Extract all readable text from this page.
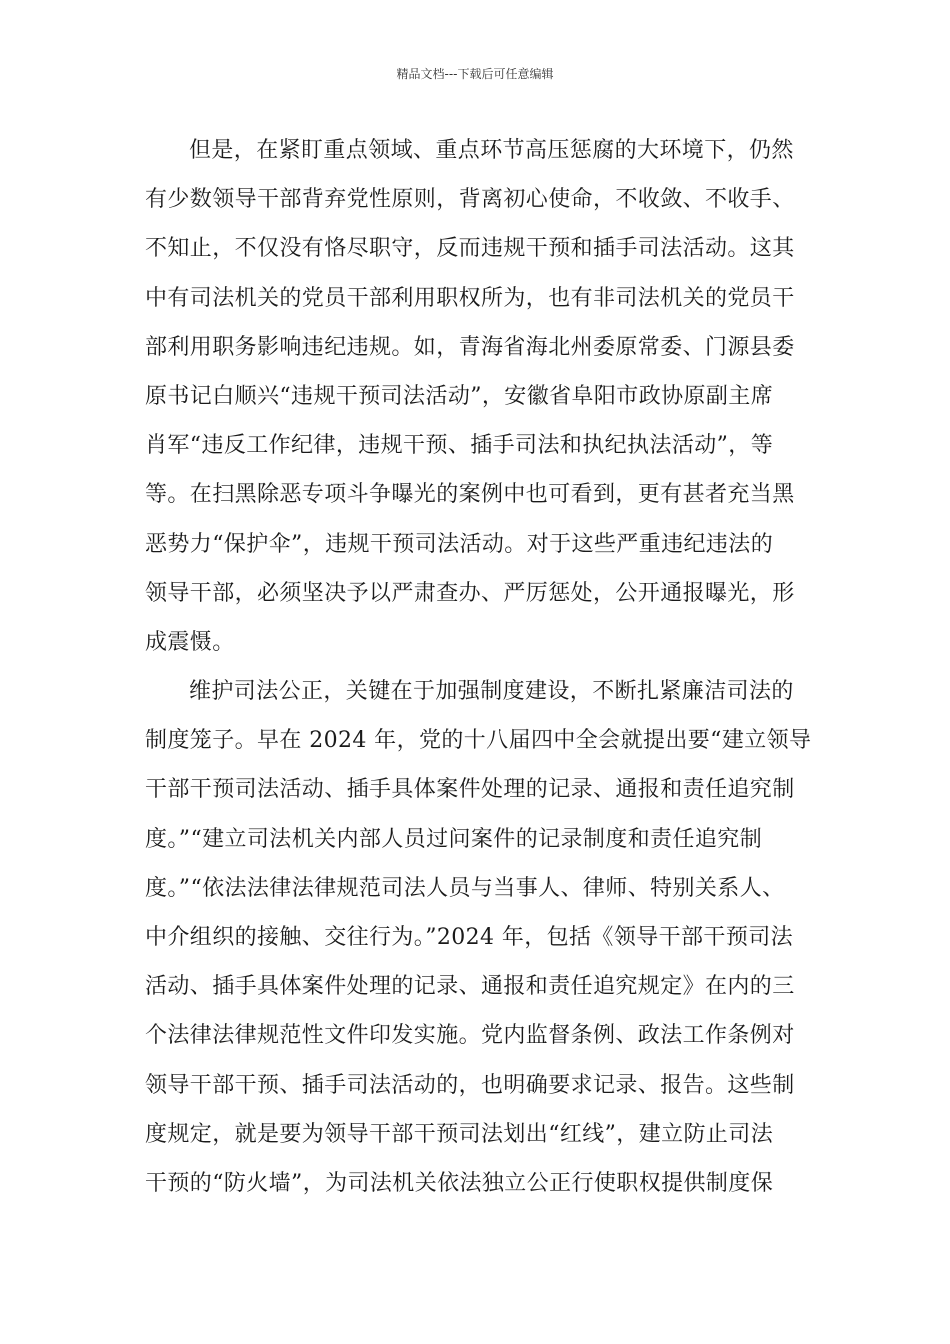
精品文档---下载后可任意编辑
但是，在紧盯重点领域、重点环节高压惩腐的大环境下，仍然
有少数领导干部背弃党性原则，背离初心使命，不收敛、不收手、
不知止，不仅没有恪尽职守，反而违规干预和插手司法活动。这其
中有司法机关的党员干部利用职权所为，也有非司法机关的党员干
部利用职务影响违纪违规。如，青海省海北州委原常委、门源县委
原书记白顺兴“违规干预司法活动”，安徽省阜阳市政协原副主席
肖军“违反工作纪律，违规干预、插手司法和执纪执法活动”，等
等。在扫黑除恶专项斗争曝光的案例中也可看到，更有甚者充当黑
恶势力“保护伞”，违规干预司法活动。对于这些严重违纪违法的
领导干部，必须坚决予以严肃查办、严厉惩处，公开通报曝光，形
成震慑。
维护司法公正，关键在于加强制度建设，不断扎紧廉洁司法的
制度笼子。早在 2024 年，党的十八届四中全会就提出要“建立领导
干部干预司法活动、插手具体案件处理的记录、通报和责任追究制
度。”“建立司法机关内部人员过问案件的记录制度和责任追究制
度。”“依法法律法律规范司法人员与当事人、律师、特别关系人、
中介组织的接触、交往行为。”2024 年，包括《领导干部干预司法
活动、插手具体案件处理的记录、通报和责任追究规定》在内的三
个法律法律规范性文件印发实施。党内监督条例、政法工作条例对
领导干部干预、插手司法活动的，也明确要求记录、报告。这些制
度规定，就是要为领导干部干预司法划出“红线”，建立防止司法
干预的“防火墙”，为司法机关依法独立公正行使职权提供制度保
